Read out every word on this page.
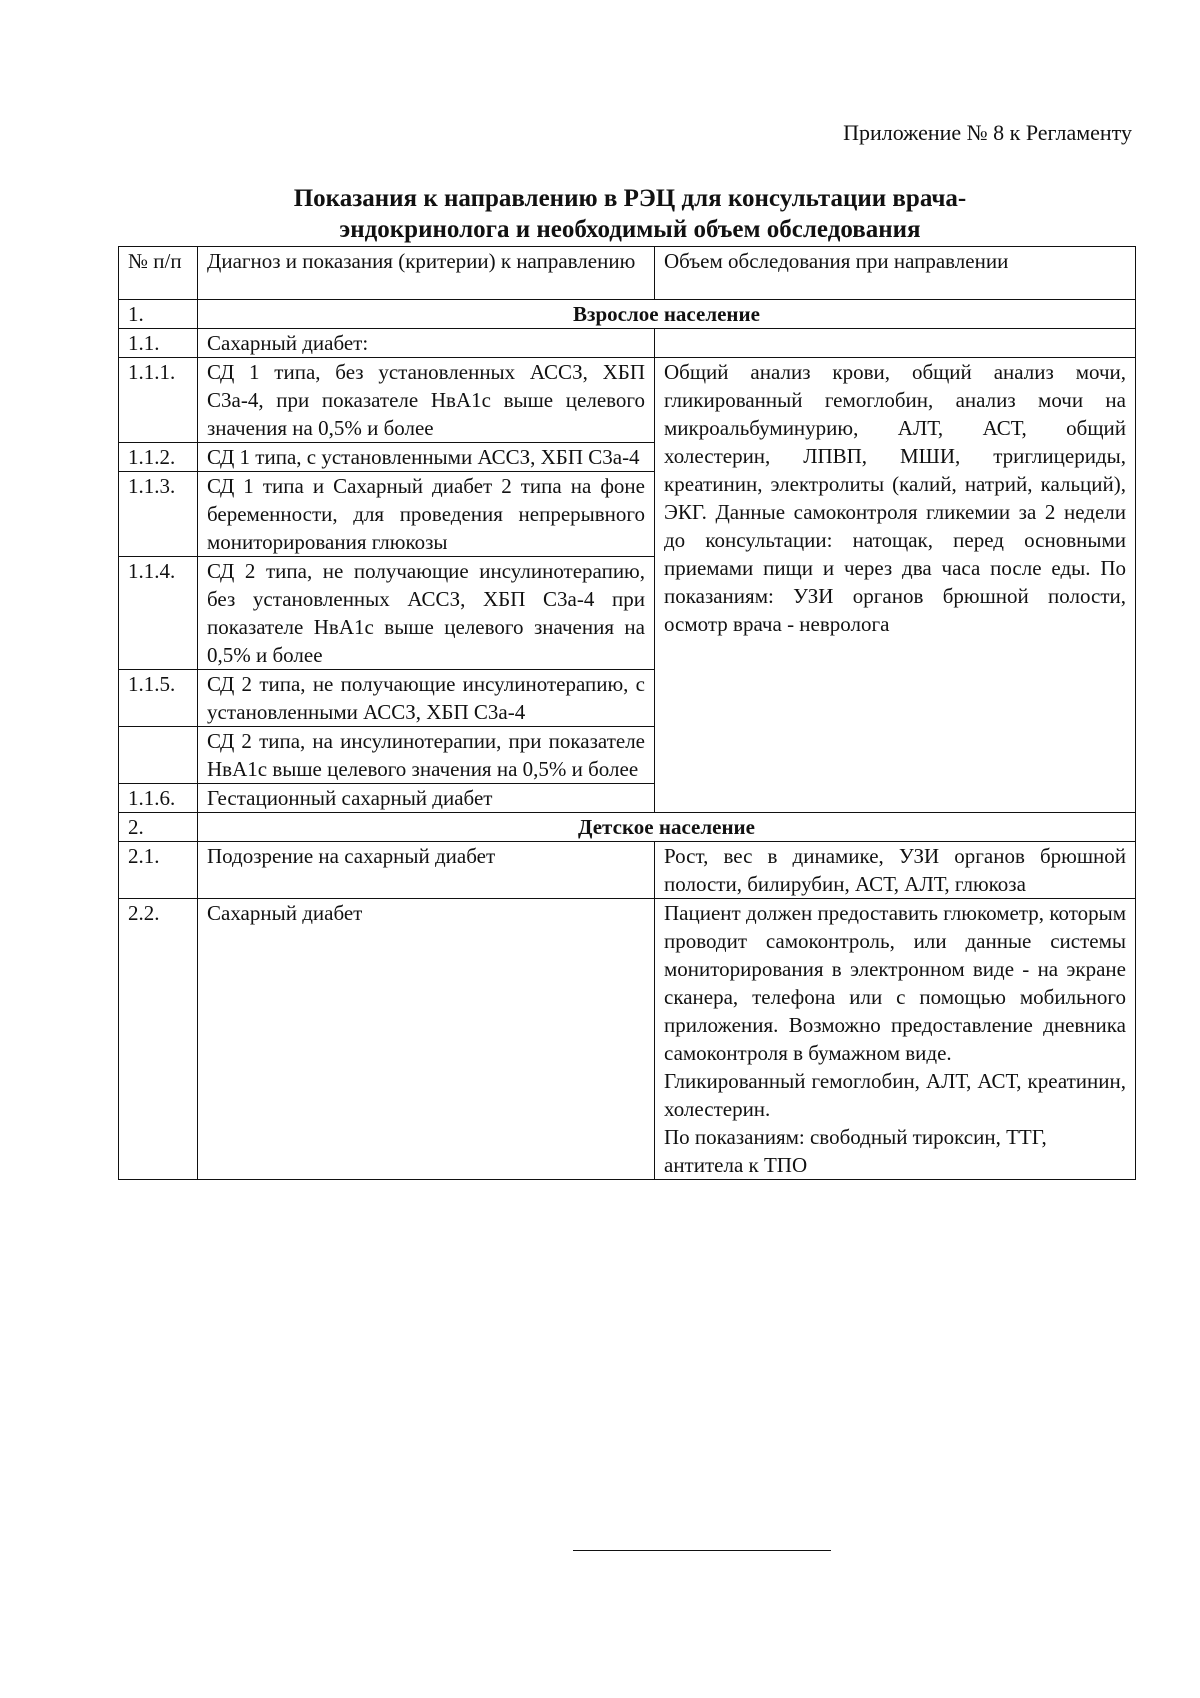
Приложение № 8 к Регламенту
Показания к направлению в РЭЦ для консультации врача-
эндокринолога и необходимый объем обследования
№ п/п	Диагноз и показания (критерии) к направлению	Объем обследования при направлении
1.	Взрослое население	
1.1.	Сахарный диабет:	
1.1.1.	СД 1 типа, без установленных АССЗ, ХБП С3а-4, при показателе НвА1с выше целевого значения на 0,5% и более	Общий анализ крови, общий анализ мочи, гликированный гемоглобин, анализ мочи на микроальбуминурию, АЛТ, АСТ, общий холестерин, ЛПВП, МШИ, триглицериды, креатинин, электролиты (калий, натрий, кальций), ЭКГ. Данные самоконтроля гликемии за 2 недели до консультации: натощак, перед основными приемами пищи и через два часа после еды. По показаниям: УЗИ органов брюшной полости, осмотр врача - невролога
1.1.2.	СД 1 типа, с установленными АССЗ, ХБП С3а-4	
1.1.3.	СД 1 типа и Сахарный диабет 2 типа на фоне беременности, для проведения непрерывного мониторирования глюкозы	
1.1.4.	СД 2 типа, не получающие инсулинотерапию, без установленных АССЗ, ХБП С3а-4 при показателе НвА1с выше целевого значения на 0,5% и более	
1.1.5.	СД 2 типа, не получающие инсулинотерапию, с установленными АССЗ, ХБП С3а-4	
	СД 2 типа, на инсулинотерапии, при показателе НвА1с выше целевого значения на 0,5% и более	
1.1.6.	Гестационный сахарный диабет	
2.	Детское население	
2.1.	Подозрение на сахарный диабет	Рост, вес в динамике, УЗИ органов брюшной полости, билирубин, АСТ, АЛТ, глюкоза
2.2.	Сахарный диабет	Пациент должен предоставить глюкометр, которым проводит самоконтроль, или данные системы мониторирования в электронном виде - на экране сканера, телефона или с помощью мобильного приложения. Возможно предоставление дневника самоконтроля в бумажном виде.
Гликированный гемоглобин, АЛТ, АСТ, креатинин, холестерин.
По показаниям: свободный тироксин, ТТГ, антитела к ТПО
